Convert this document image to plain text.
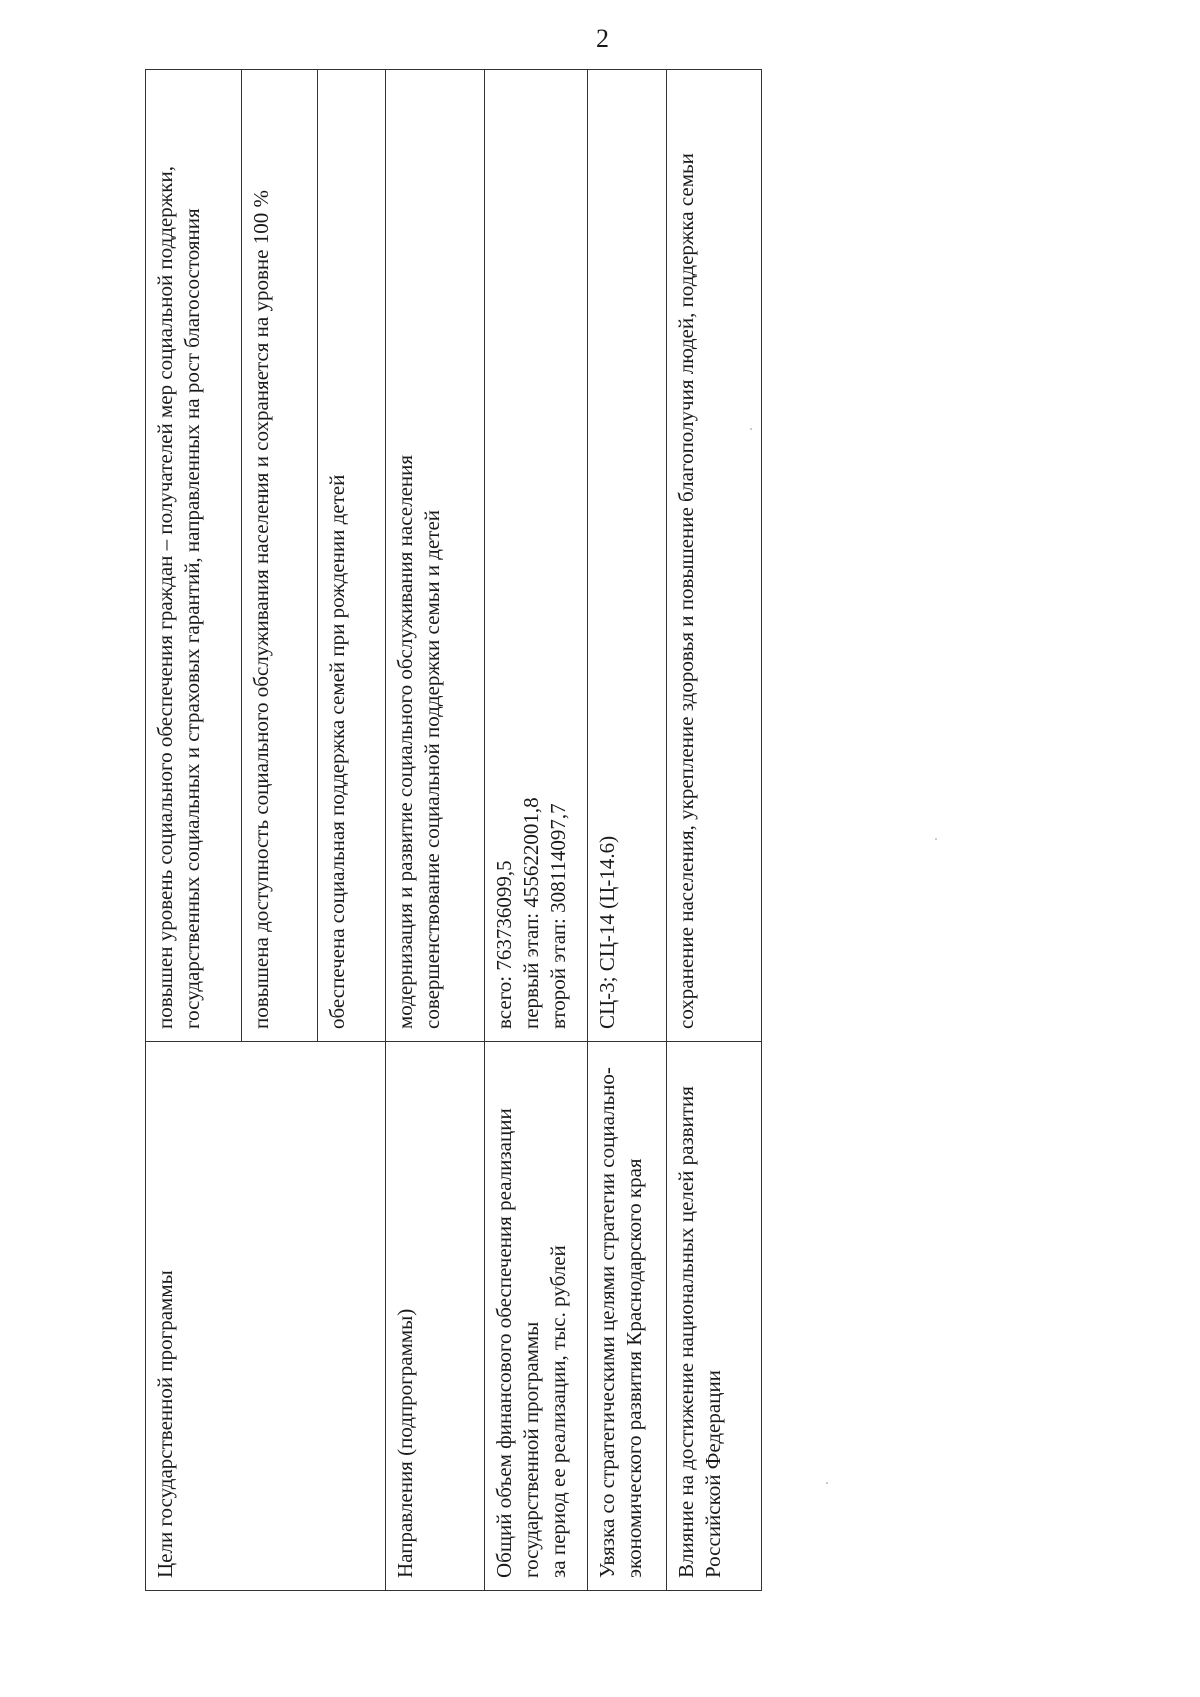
2
Цели государственной программы	повышен уровень социального обеспечения граждан – получателей мер социальной поддержки, государственных социальных и страховых гарантий, направленных на рост благосостояния

	повышена доступность социального обслуживания населения и сохраняется на уровне 100 %

	обеспечена социальная поддержка семей при рождении детей

Направления (подпрограммы)	модернизация и развитие социального обслуживания населения
совершенствование социальной поддержки семьи и детей

Общий объем финансового обеспечения реализации государственной программы
за период ее реализации, тыс. рублей	всего: 763736099,5
первый этап: 455622001,8
второй этап: 308114097,7

Увязка со стратегическими целями стратегии социально-экономического развития Краснодарского края	СЦ-3; СЦ-14 (Ц-14.6)

Влияние на достижение национальных целей развития Российской Федерации	сохранение населения, укрепление здоровья и повышение благополучия людей, поддержка семьи
